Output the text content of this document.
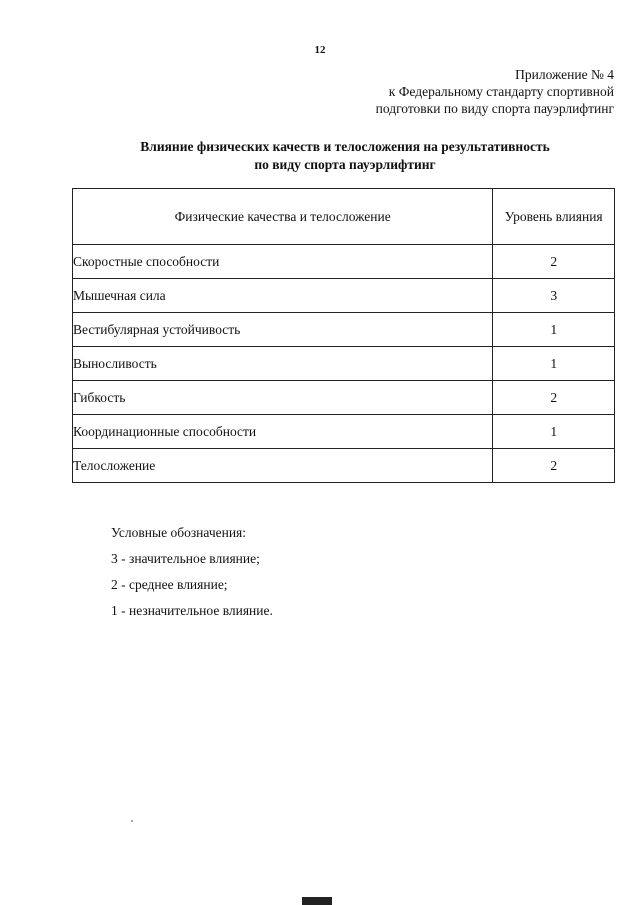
12
Приложение № 4
к Федеральному стандарту спортивной
подготовки по виду спорта пауэрлифтинг
Влияние физических качеств и телосложения на результативность
по виду спорта пауэрлифтинг
Физические качества и телосложение	Уровень влияния
Скоростные способности	2
Мышечная сила	3
Вестибулярная устойчивость	1
Выносливость	1
Гибкость	2
Координационные способности	1
Телосложение	2
Условные обозначения:
3 - значительное влияние;
2 - среднее влияние;
1 - незначительное влияние.
